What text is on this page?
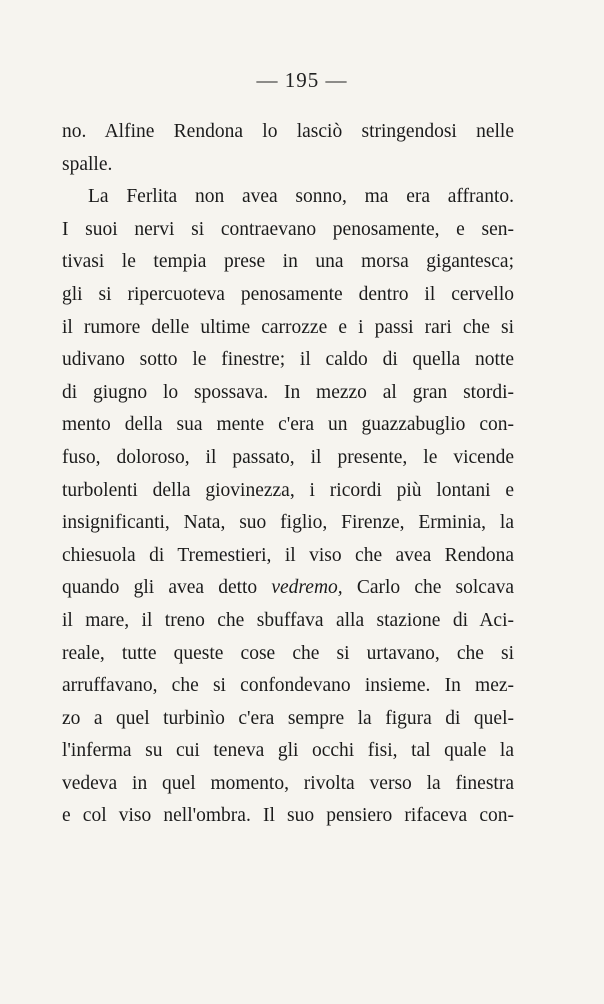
— 195 —
no. Alfine Rendona lo lasciò stringendosi nelle
spalle.
La Ferlita non avea sonno, ma era affranto.
I suoi nervi si contraevano penosamente, e sen-
tivasi le tempia prese in una morsa gigantesca;
gli si ripercuoteva penosamente dentro il cervello
il rumore delle ultime carrozze e i passi rari che si
udivano sotto le finestre; il caldo di quella notte
di giugno lo spossava. In mezzo al gran stordi-
mento della sua mente c'era un guazzabuglio con-
fuso, doloroso, il passato, il presente, le vicende
turbolenti della giovinezza, i ricordi più lontani e
insignificanti, Nata, suo figlio, Firenze, Erminia, la
chiesuola di Tremestieri, il viso che avea Rendona
quando gli avea detto vedremo, Carlo che solcava
il mare, il treno che sbuffava alla stazione di Aci-
reale, tutte queste cose che si urtavano, che si
arruffavano, che si confondevano insieme. In mez-
zo a quel turbinìo c'era sempre la figura di quel-
l'inferma su cui teneva gli occhi fisi, tal quale la
vedeva in quel momento, rivolta verso la finestra
e col viso nell'ombra. Il suo pensiero rifaceva con-
